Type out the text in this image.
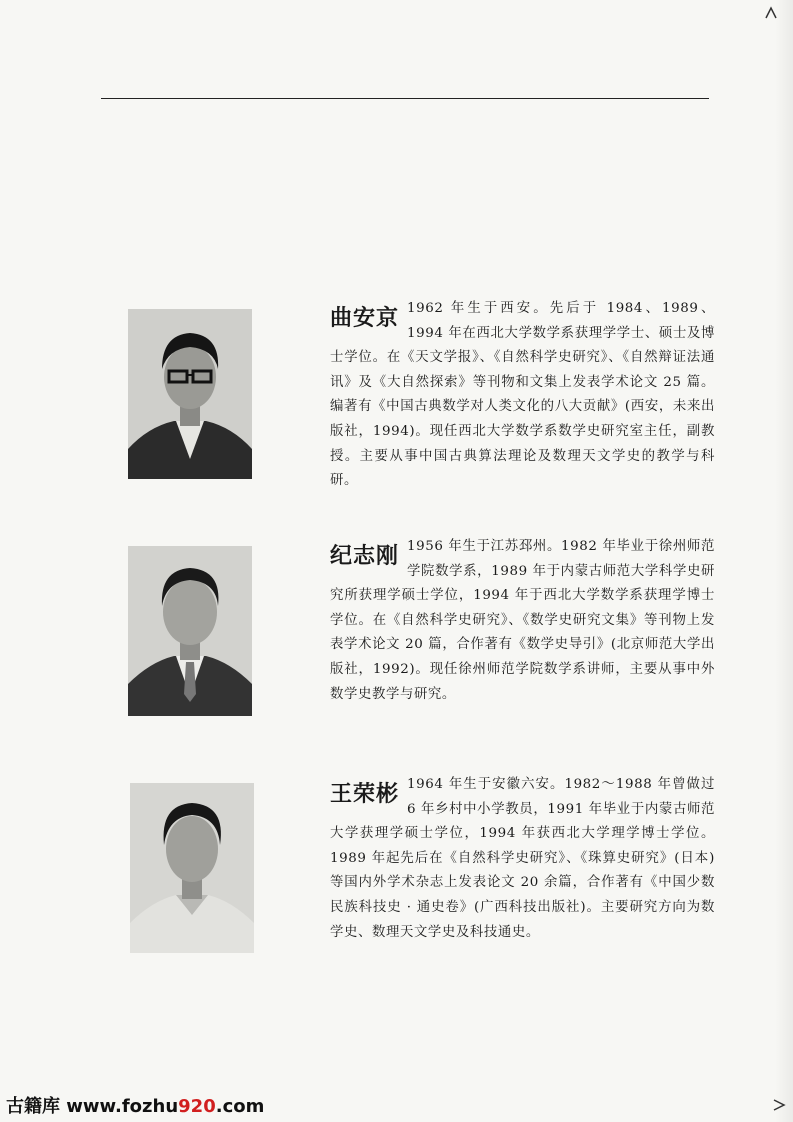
曲安京 1962 年生于西安。先后于 1984、1989、1994 年在西北大学数学系获理学学士、硕士及博士学位。在《天文学报》、《自然科学史研究》、《自然辩证法通讯》及《大自然探索》等刊物和文集上发表学术论文 25 篇。编著有《中国古典数学对人类文化的八大贡献》(西安，未来出版社，1994)。现任西北大学数学系数学史研究室主任，副教授。主要从事中国古典算法理论及数理天文学史的教学与科研。
纪志刚 1956 年生于江苏邳州。1982 年毕业于徐州师范学院数学系，1989 年于内蒙古师范大学科学史研究所获理学硕士学位，1994 年于西北大学数学系获理学博士学位。在《自然科学史研究》、《数学史研究文集》等刊物上发表学术论文 20 篇，合作著有《数学史导引》(北京师范大学出版社，1992)。现任徐州师范学院数学系讲师，主要从事中外数学史教学与研究。
王荣彬 1964 年生于安徽六安。1982～1988 年曾做过 6 年乡村中小学教员，1991 年毕业于内蒙古师范大学获理学硕士学位，1994 年获西北大学理学博士学位。1989 年起先后在《自然科学史研究》、《珠算史研究》(日本) 等国内外学术杂志上发表论文 20 余篇，合作著有《中国少数民族科技史 · 通史卷》(广西科技出版社)。主要研究方向为数学史、数理天文学史及科技通史。
古籍库 www.fozhu920.com
